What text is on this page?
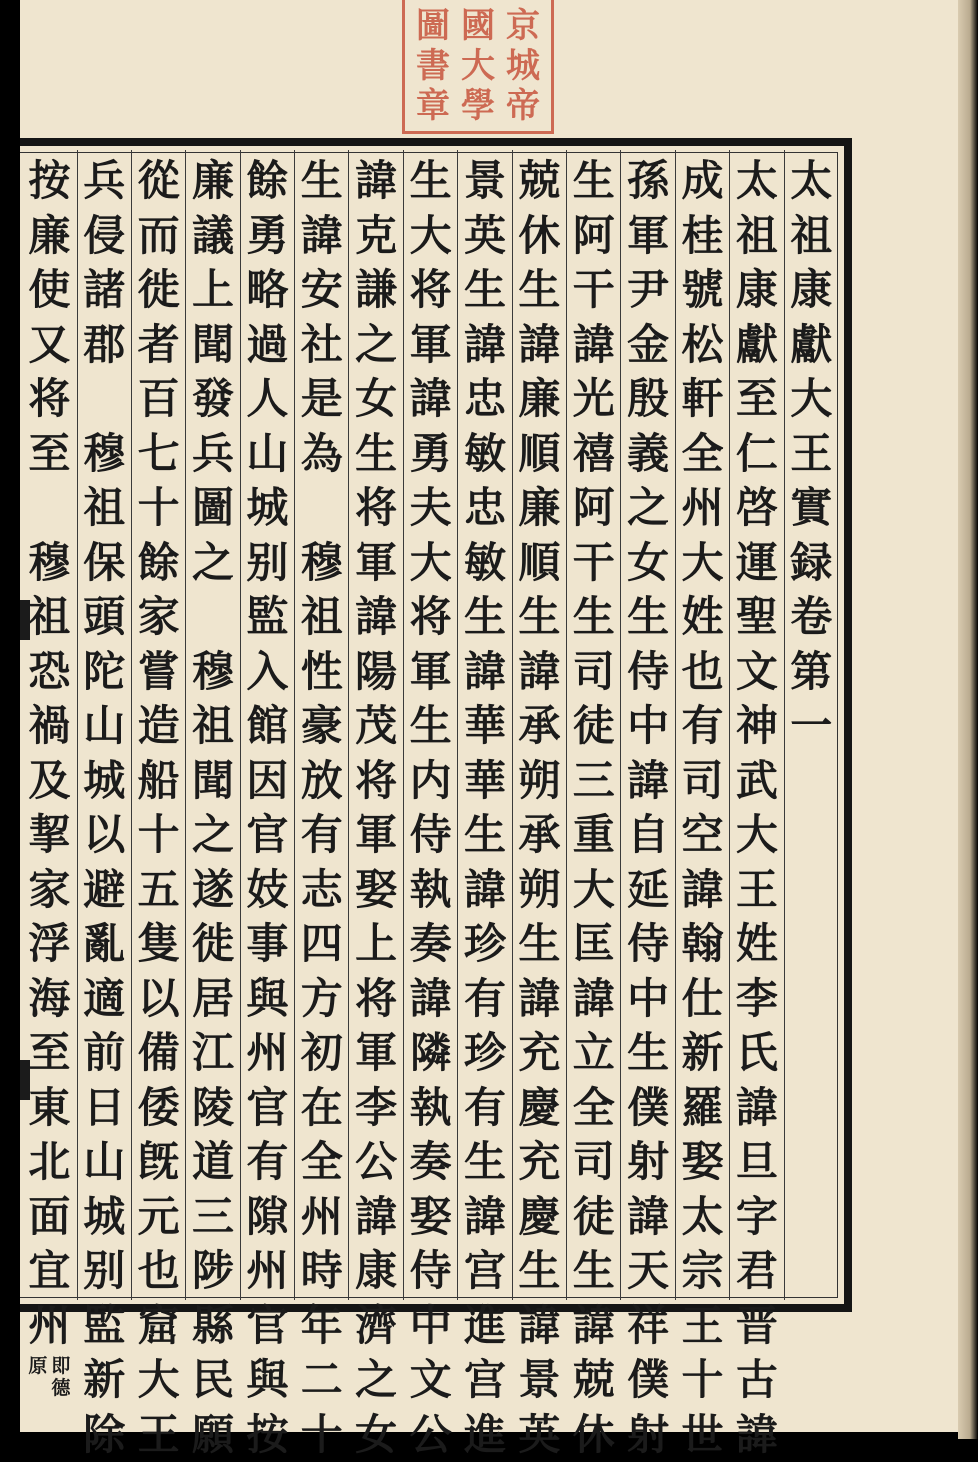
京
城
帝
國
大
學
圖
書
章
太
祖
康
獻
大
王
實
録
卷
第
一
太
祖
康
獻
至
仁
啓
運
聖
文
神
武
大
王
姓
李
氏
諱
旦
字
君
晋
古
諱
成
桂
號
松
軒
全
州
大
姓
也
有
司
空
諱
翰
仕
新
羅
娶
太
宗
王
十
世
孫
軍
尹
金
殷
義
之
女
生
侍
中
諱
自
延
侍
中
生
僕
射
諱
天
祥
僕
射
生
阿
干
諱
光
禧
阿
干
生
司
徒
三
重
大
匡
諱
立
全
司
徒
生
諱
兢
休
兢
休
生
諱
廉
順
廉
順
生
諱
承
朔
承
朔
生
諱
充
慶
充
慶
生
諱
景
英
景
英
生
諱
忠
敏
忠
敏
生
諱
華
華
生
諱
珍
有
珍
有
生
諱
宫
進
宫
進
生
大
将
軍
諱
勇
夫
大
将
軍
生
内
侍
執
奏
諱
隣
執
奏
娶
侍
中
文
公
諱
克
謙
之
女
生
将
軍
諱
陽
茂
将
軍
娶
上
将
軍
李
公
諱
康
濟
之
女
生
諱
安
社
是
為

穆
祖
性
豪
放
有
志
四
方
初
在
全
州
時
年
二
十
餘
勇
略
過
人
山
城
别
監
入
館
因
官
妓
事
與
州
官
有
隙
州
官
與
按
廉
議
上
聞
發
兵
圖
之

穆
祖
聞
之
遂
徙
居
江
陵
道
三
陟
縣
民
願
從
而
徙
者
百
七
十
餘
家
嘗
造
船
十
五
隻
以
備
倭
旣
元
也
窟
大
王
兵
侵
諸
郡

穆
祖
保
頭
陀
山
城
以
避
亂
適
前
日
山
城
别
監
新
除
按
廉
使
又
将
至

穆
祖
恐
禍
及
挈
家
浮
海
至
東
北
面
宜
州
即
德
原
